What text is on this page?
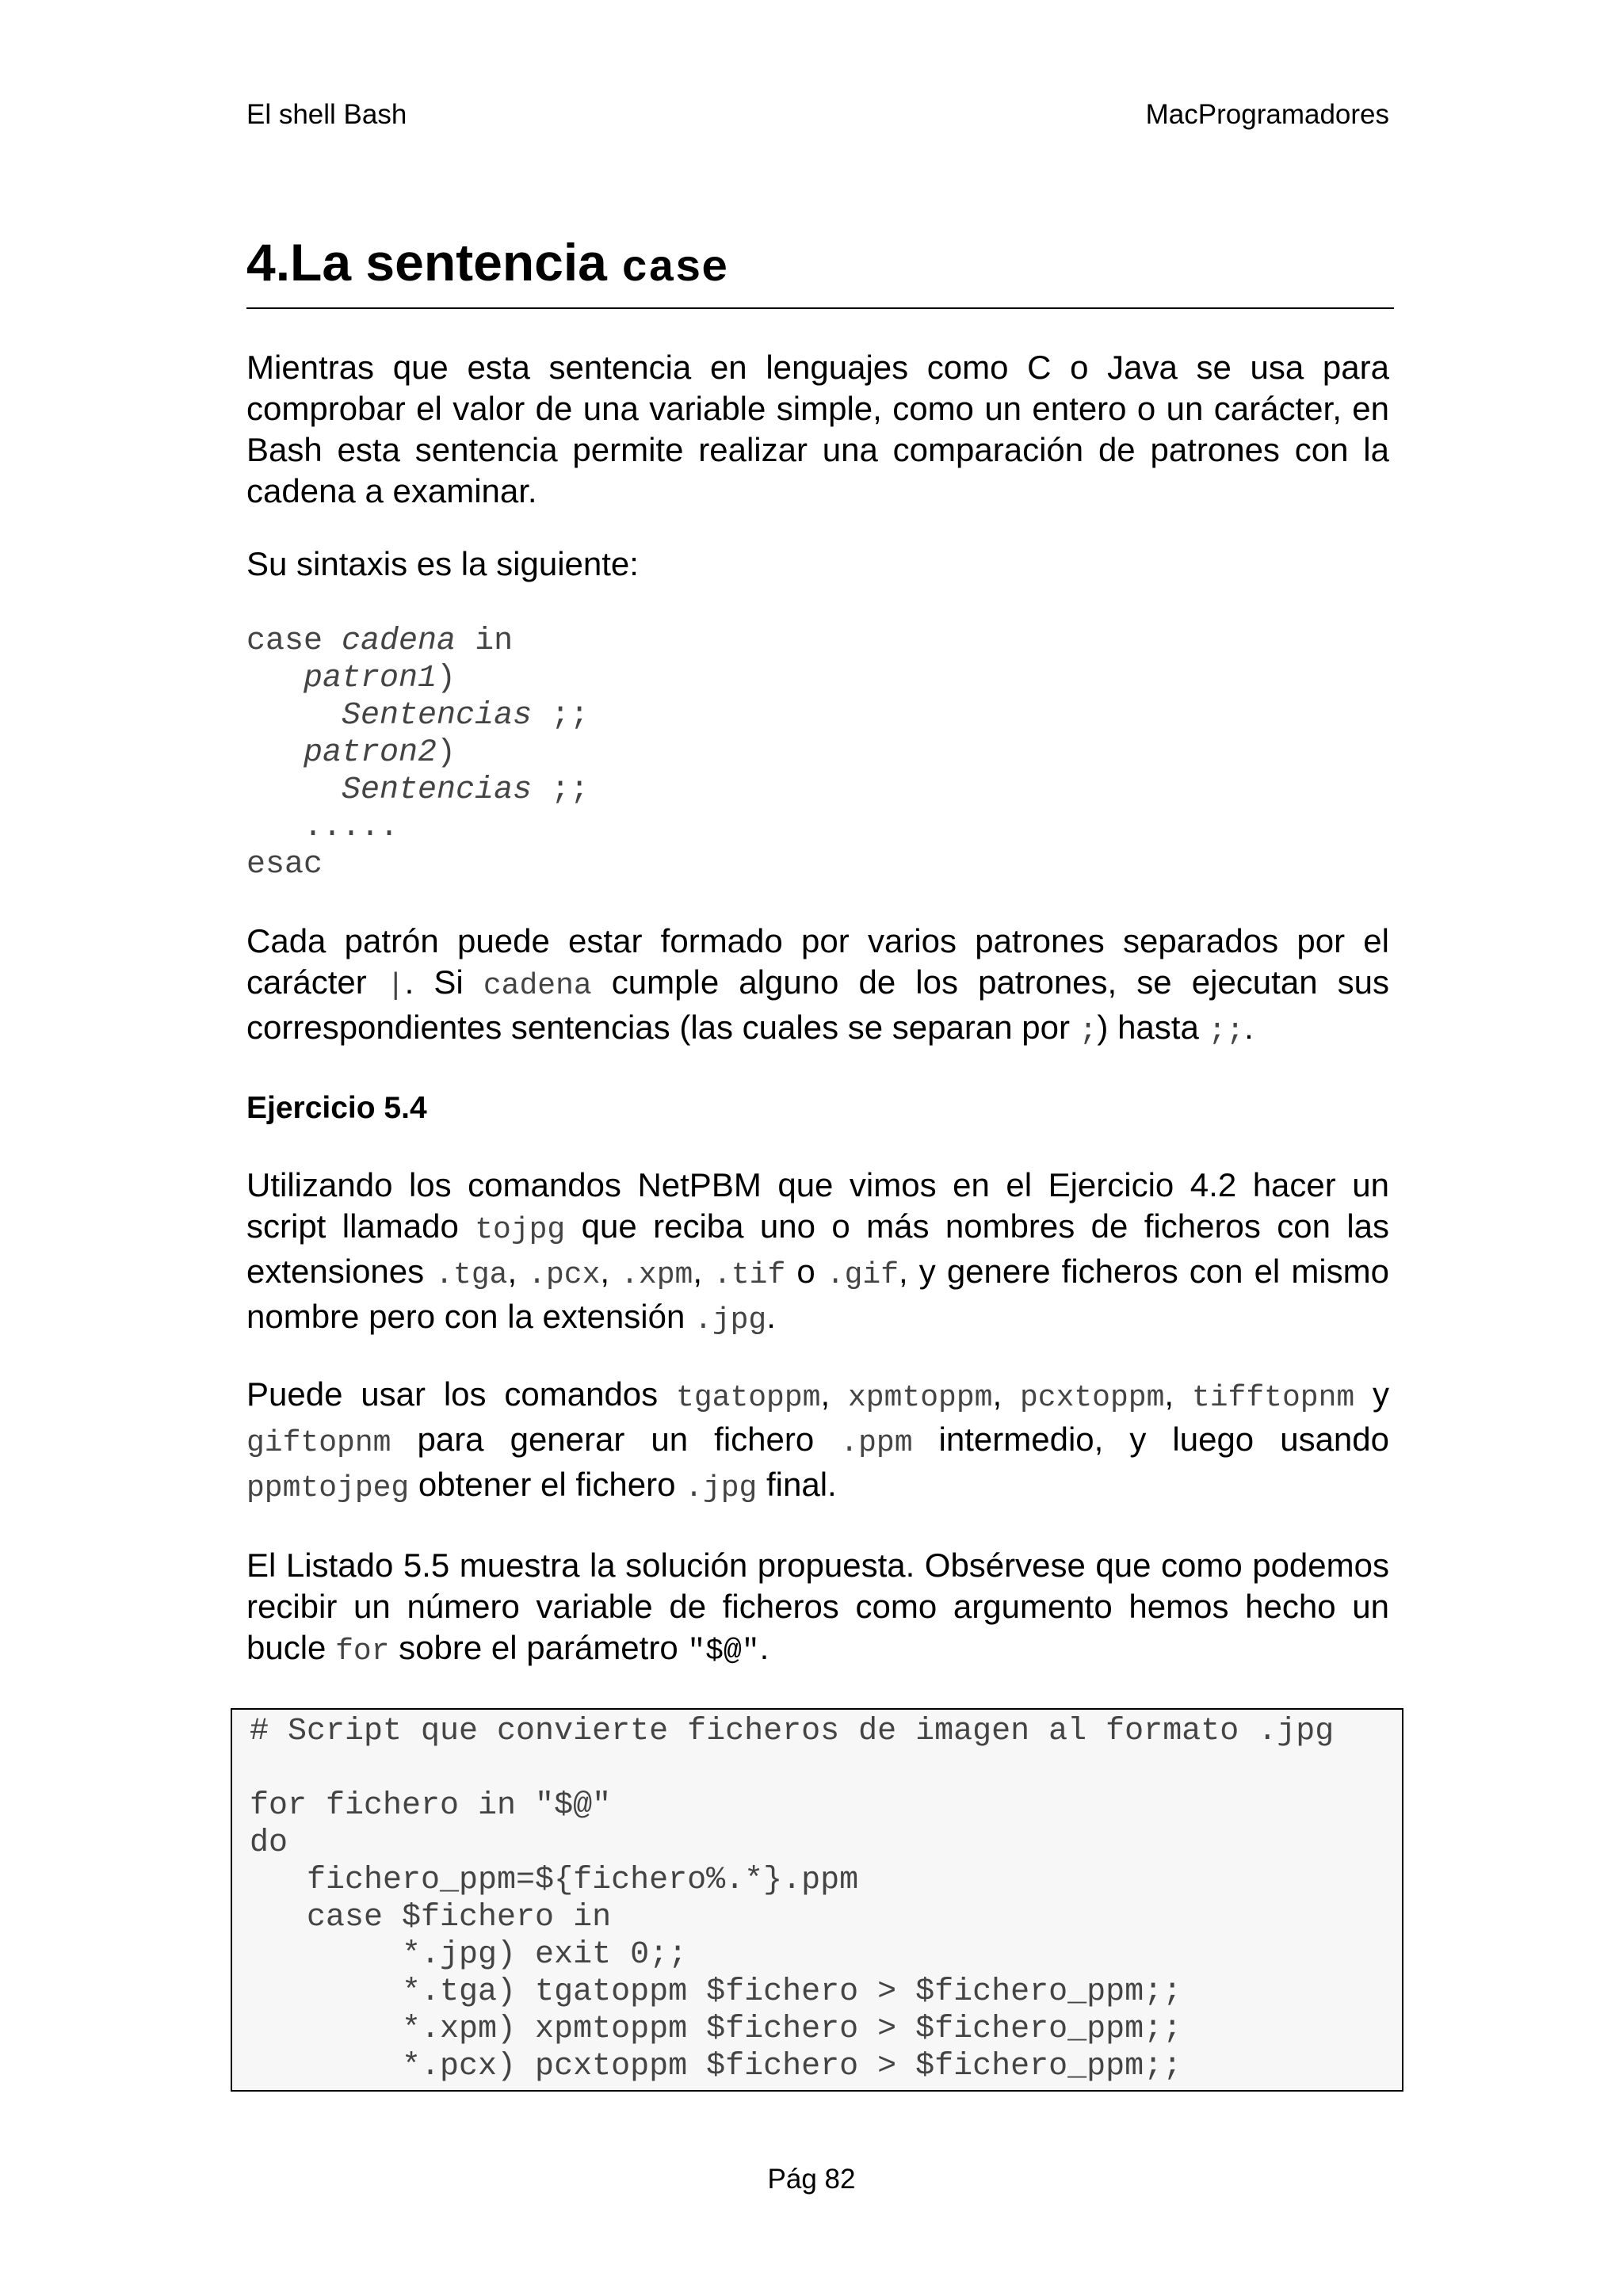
El shell Bash	MacProgramadores
4.La sentencia case

Mientras que esta sentencia en lenguajes como C o Java se usa para comprobar el valor de una variable simple, como un entero o un carácter, en Bash esta sentencia permite realizar una comparación de patrones con la cadena a examinar.

Su sintaxis es la siguiente:

case cadena in
patron1)
Sentencias ;;
patron2)
Sentencias ;;
.....
esac

Cada patrón puede estar formado por varios patrones separados por el carácter |. Si cadena cumple alguno de los patrones, se ejecutan sus correspondientes sentencias (las cuales se separan por ;) hasta ;;.

Ejercicio 5.4

Utilizando los comandos NetPBM que vimos en el Ejercicio 4.2 hacer un script llamado tojpg que reciba uno o más nombres de ficheros con las extensiones .tga, .pcx, .xpm, .tif o .gif, y genere ficheros con el mismo nombre pero con la extensión .jpg.

Puede usar los comandos tgatoppm, xpmtoppm, pcxtoppm, tifftopnm y giftopnm para generar un fichero .ppm intermedio, y luego usando ppmtojpeg obtener el fichero .jpg final.

El Listado 5.5 muestra la solución propuesta. Obsérvese que como podemos recibir un número variable de ficheros como argumento hemos hecho un bucle for sobre el parámetro "$@".

# Script que convierte ficheros de imagen al formato .jpg

for fichero in "$@"
do
fichero_ppm=${fichero%.*}.ppm
case $fichero in
*.jpg) exit 0;;
*.tga) tgatoppm $fichero > $fichero_ppm;;
*.xpm) xpmtoppm $fichero > $fichero_ppm;;
*.pcx) pcxtoppm $fichero > $fichero_ppm;;
Pág 82
